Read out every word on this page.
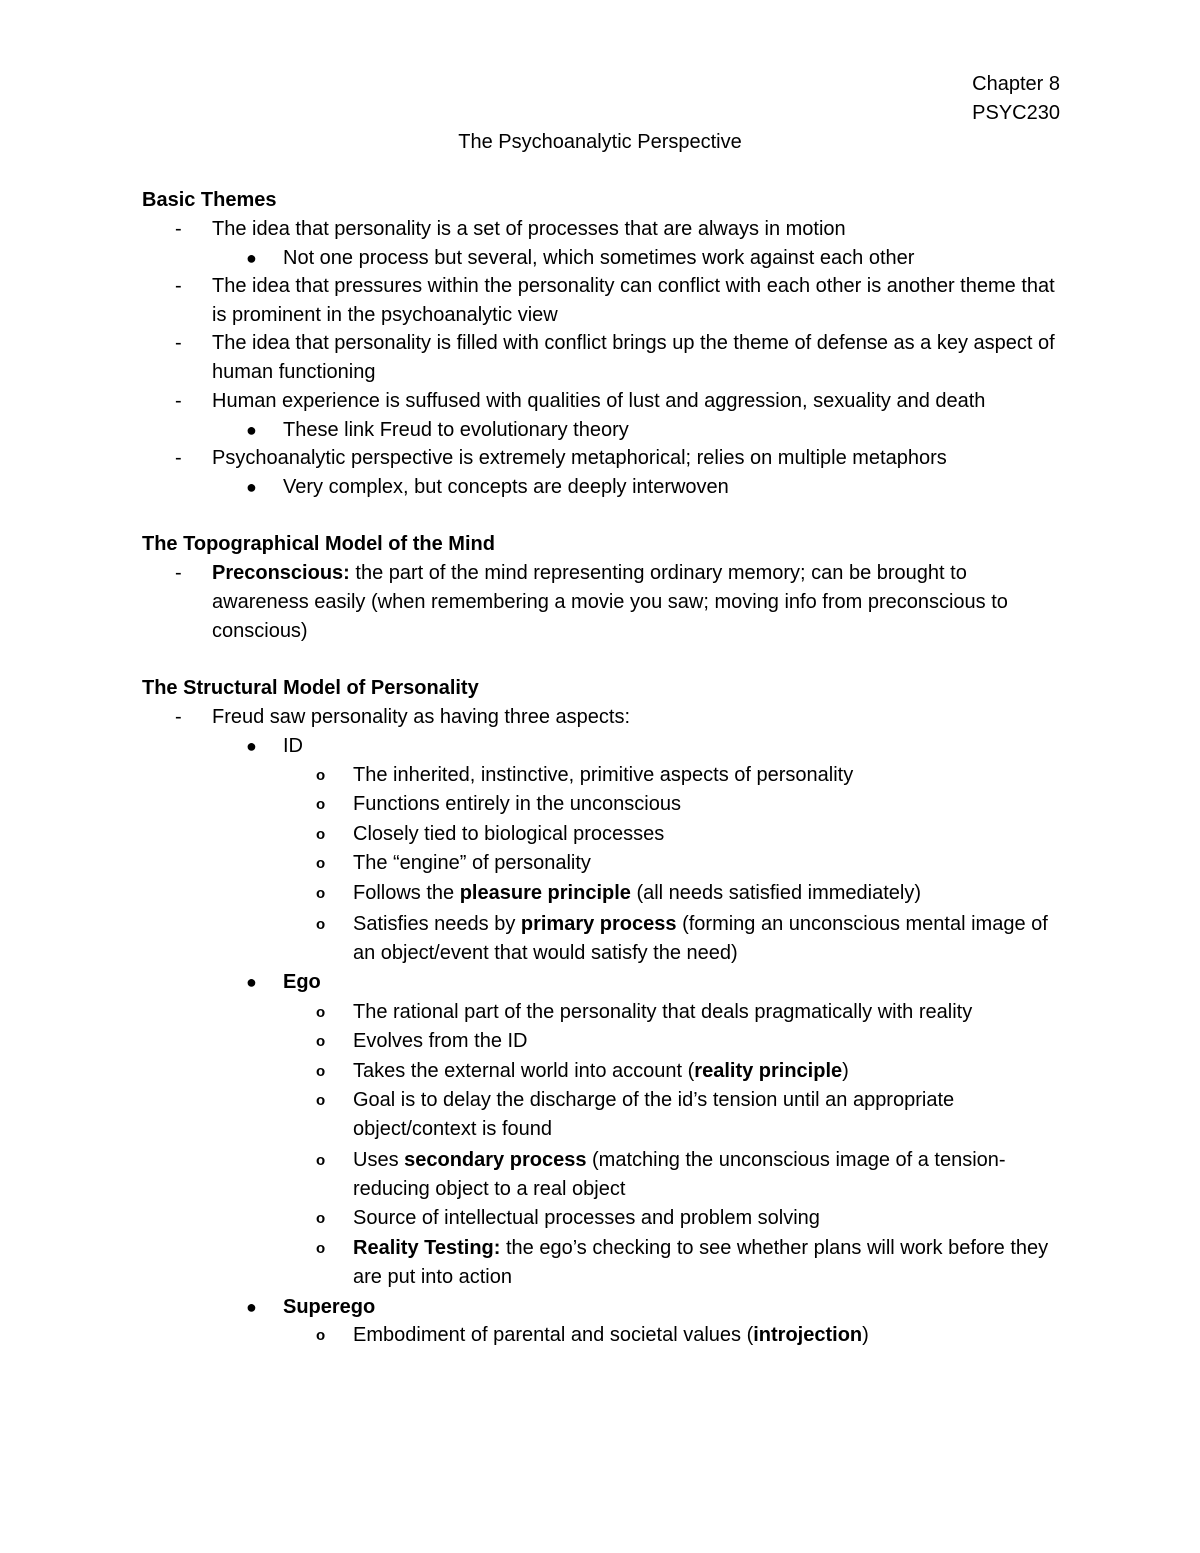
Chapter 8
PSYC230
The Psychoanalytic Perspective
Basic Themes
- The idea that personality is a set of processes that are always in motion
● Not one process but several, which sometimes work against each other
- The idea that pressures within the personality can conflict with each other is another theme that is prominent in the psychoanalytic view
- The idea that personality is filled with conflict brings up the theme of defense as a key aspect of human functioning
- Human experience is suffused with qualities of lust and aggression, sexuality and death
● These link Freud to evolutionary theory
- Psychoanalytic perspective is extremely metaphorical; relies on multiple metaphors
● Very complex, but concepts are deeply interwoven
The Topographical Model of the Mind
- Preconscious: the part of the mind representing ordinary memory; can be brought to awareness easily (when remembering a movie you saw; moving info from preconscious to conscious)
The Structural Model of Personality
- Freud saw personality as having three aspects:
● ID
o The inherited, instinctive, primitive aspects of personality
o Functions entirely in the unconscious
o Closely tied to biological processes
o The “engine” of personality
o Follows the pleasure principle (all needs satisfied immediately)
o Satisfies needs by primary process (forming an unconscious mental image of an object/event that would satisfy the need)
● Ego
o The rational part of the personality that deals pragmatically with reality
o Evolves from the ID
o Takes the external world into account (reality principle)
o Goal is to delay the discharge of the id’s tension until an appropriate object/context is found
o Uses secondary process (matching the unconscious image of a tension-reducing object to a real object
o Source of intellectual processes and problem solving
o Reality Testing: the ego’s checking to see whether plans will work before they are put into action
● Superego
o Embodiment of parental and societal values (introjection)
